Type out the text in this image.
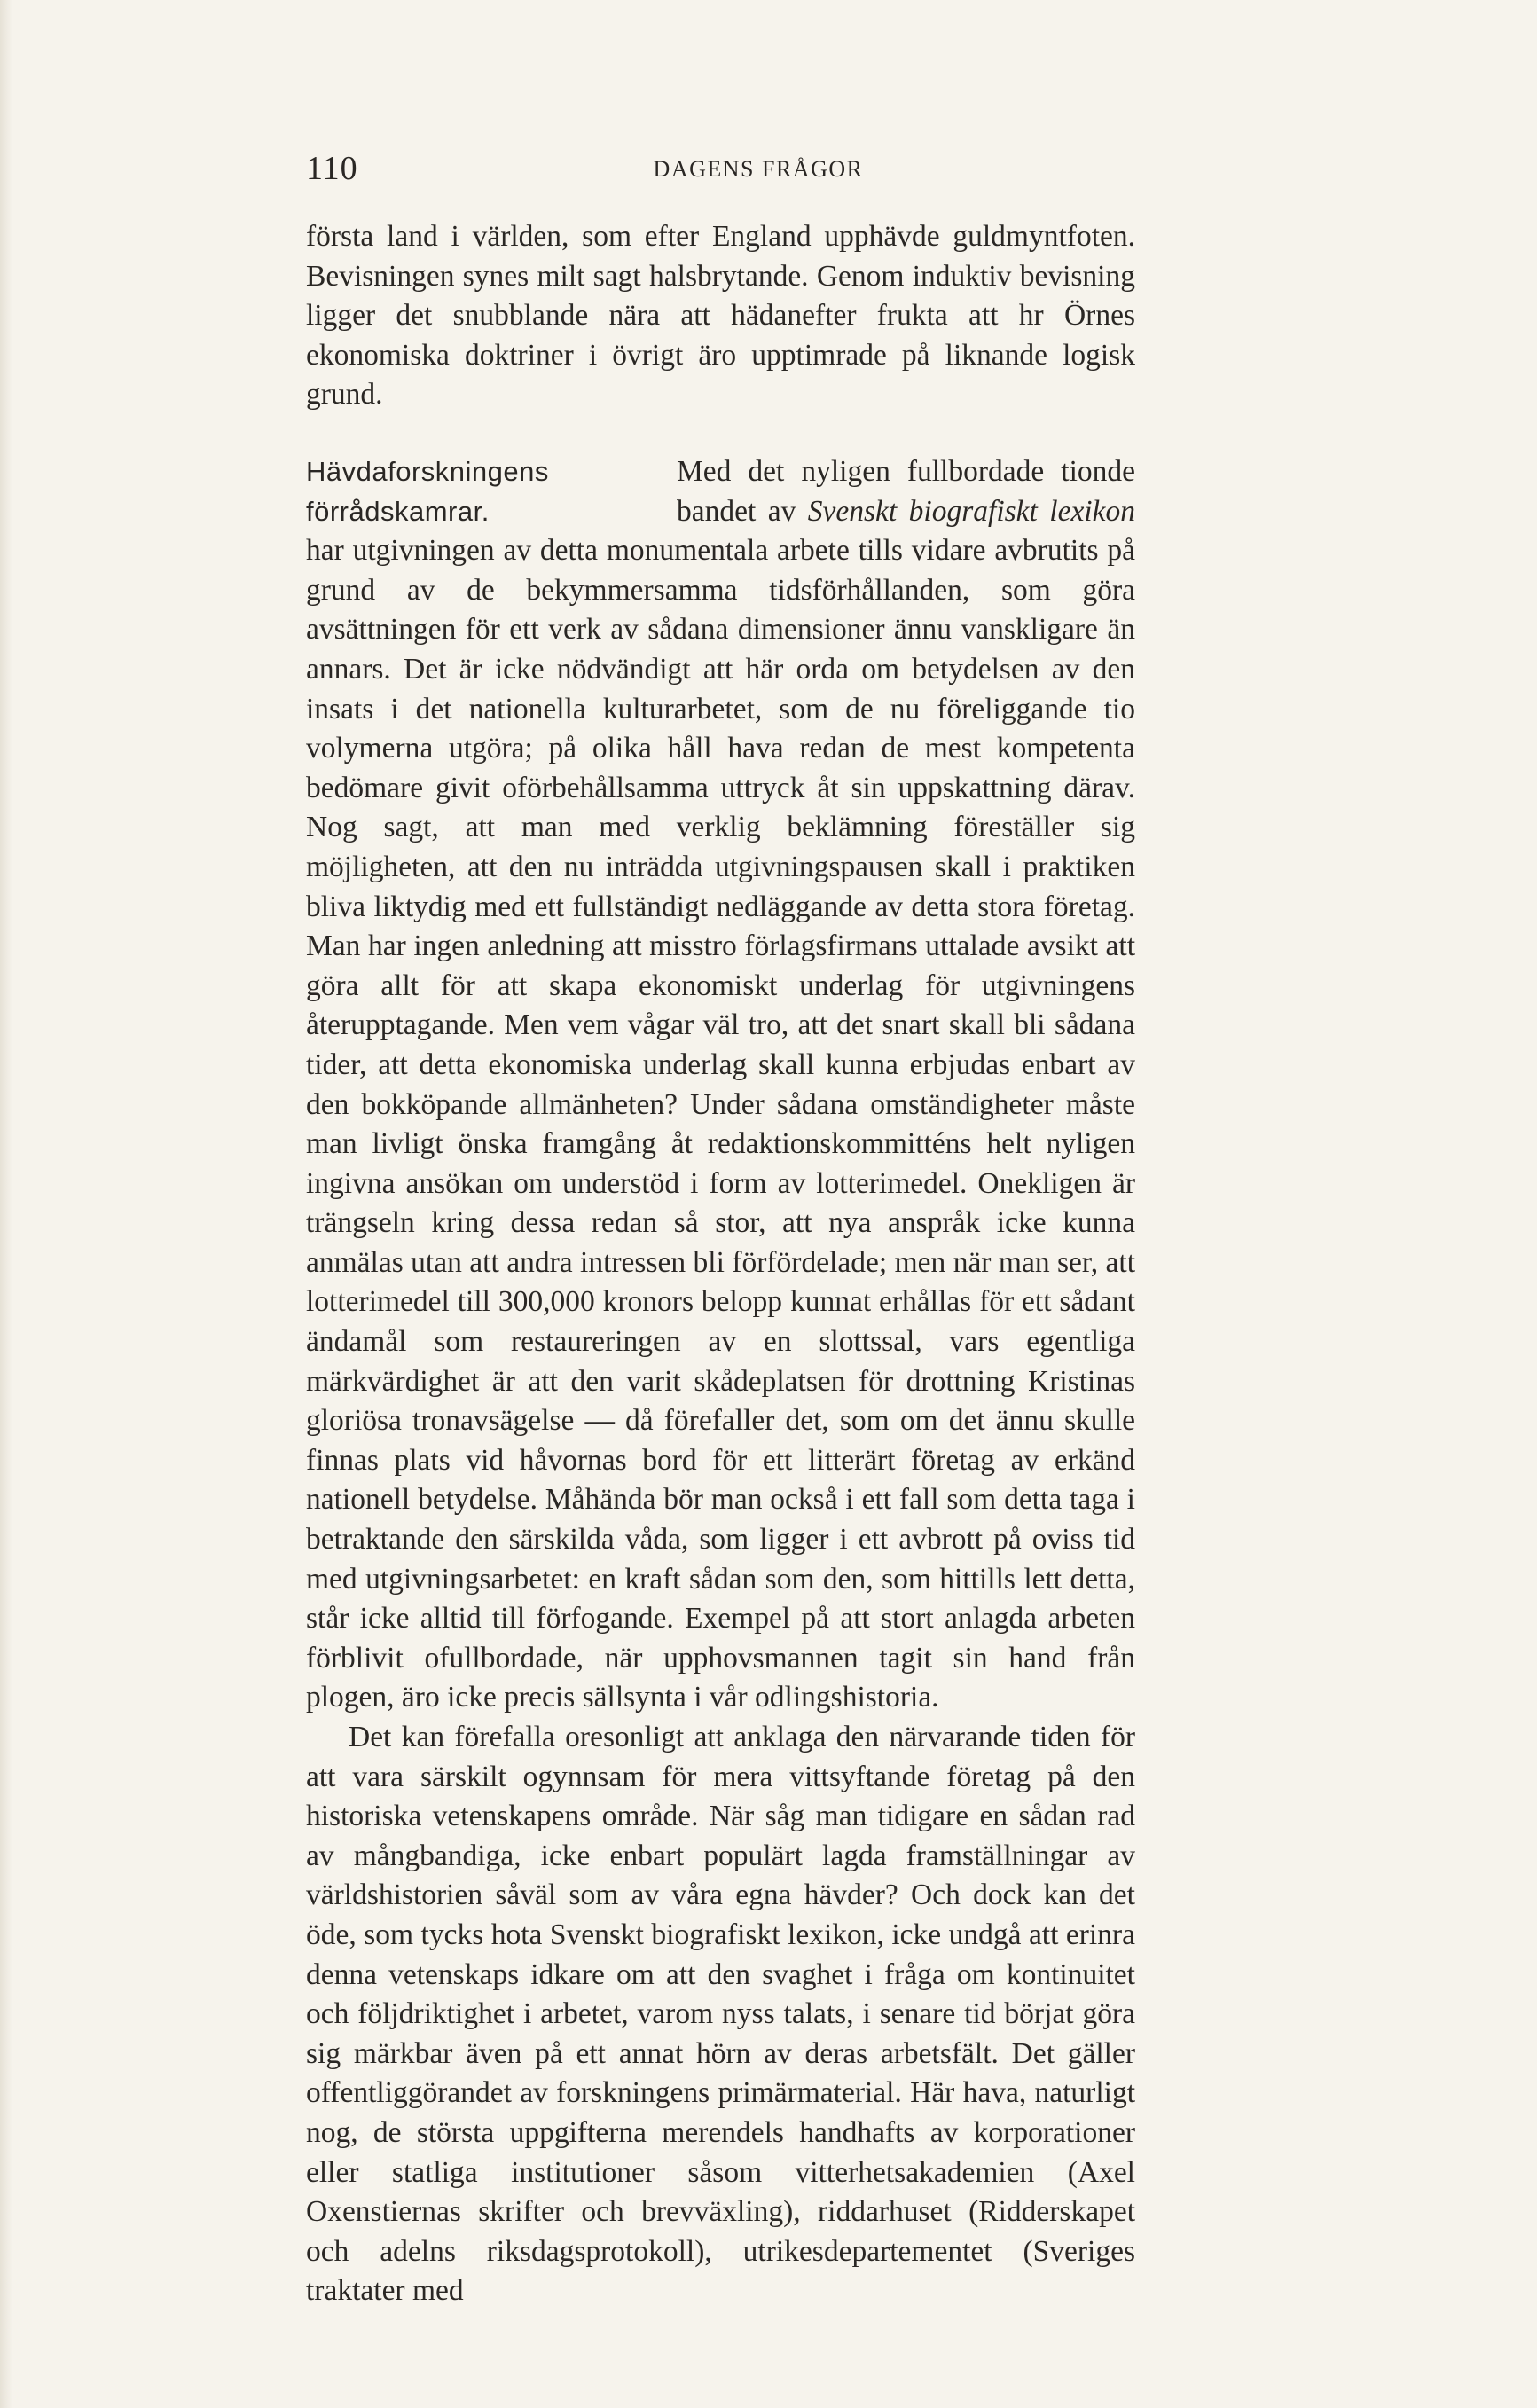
110	DAGENS FRÅGOR
första land i världen, som efter England upphävde guldmyntfoten. Bevisningen synes milt sagt halsbrytande. Genom induktiv bevisning ligger det snubblande nära att hädanefter frukta att hr Örnes ekonomiska doktriner i övrigt äro upptimrade på liknande logisk grund.
Hävdaforskningens
förrådskamrar.

Med det nyligen fullbordade tionde bandet av Svenskt biografiskt lexikon har utgivningen av detta monumentala arbete tills vidare avbrutits på grund av de bekymmersamma tidsförhållanden, som göra avsättningen för ett verk av sådana dimensioner ännu vanskligare än annars. Det är icke nödvändigt att här orda om betydelsen av den insats i det nationella kulturarbetet, som de nu föreliggande tio volymerna utgöra; på olika håll hava redan de mest kompetenta bedömare givit oförbehållsamma uttryck åt sin uppskattning därav. Nog sagt, att man med verklig beklämning föreställer sig möjligheten, att den nu inträdda utgivningspausen skall i praktiken bliva liktydig med ett fullständigt nedläggande av detta stora företag. Man har ingen anledning att misstro förlagsfirmans uttalade avsikt att göra allt för att skapa ekonomiskt underlag för utgivningens återupptagande. Men vem vågar väl tro, att det snart skall bli sådana tider, att detta ekonomiska underlag skall kunna erbjudas enbart av den bokköpande allmänheten? Under sådana omständigheter måste man livligt önska framgång åt redaktionskommitténs helt nyligen ingivna ansökan om understöd i form av lotterimedel. Onekligen är trängseln kring dessa redan så stor, att nya anspråk icke kunna anmälas utan att andra intressen bli förfördelade; men när man ser, att lotterimedel till 300,000 kronors belopp kunnat erhållas för ett sådant ändamål som restaureringen av en slottssal, vars egentliga märkvärdighet är att den varit skådeplatsen för drottning Kristinas gloriösa tronavsägelse — då förefaller det, som om det ännu skulle finnas plats vid håvornas bord för ett litterärt företag av erkänd nationell betydelse. Måhända bör man också i ett fall som detta taga i betraktande den särskilda våda, som ligger i ett avbrott på oviss tid med utgivningsarbetet: en kraft sådan som den, som hittills lett detta, står icke alltid till förfogande. Exempel på att stort anlagda arbeten förblivit ofullbordade, när upphovsmannen tagit sin hand från plogen, äro icke precis sällsynta i vår odlingshistoria.

Det kan förefalla oresonligt att anklaga den närvarande tiden för att vara särskilt ogynnsam för mera vittsyftande företag på den historiska vetenskapens område. När såg man tidigare en sådan rad av mångbandiga, icke enbart populärt lagda framställningar av världshistorien såväl som av våra egna hävder? Och dock kan det öde, som tycks hota Svenskt biografiskt lexikon, icke undgå att erinra denna vetenskaps idkare om att den svaghet i fråga om kontinuitet och följdriktighet i arbetet, varom nyss talats, i senare tid börjat göra sig märkbar även på ett annat hörn av deras arbetsfält. Det gäller offentliggörandet av forskningens primärmaterial. Här hava, naturligt nog, de största uppgifterna merendels handhafts av korporationer eller statliga institutioner såsom vitterhetsakademien (Axel Oxenstiernas skrifter och brevväxling), riddarhuset (Ridderskapet och adelns riksdagsprotokoll), utrikesdepartementet (Sveriges traktater med
